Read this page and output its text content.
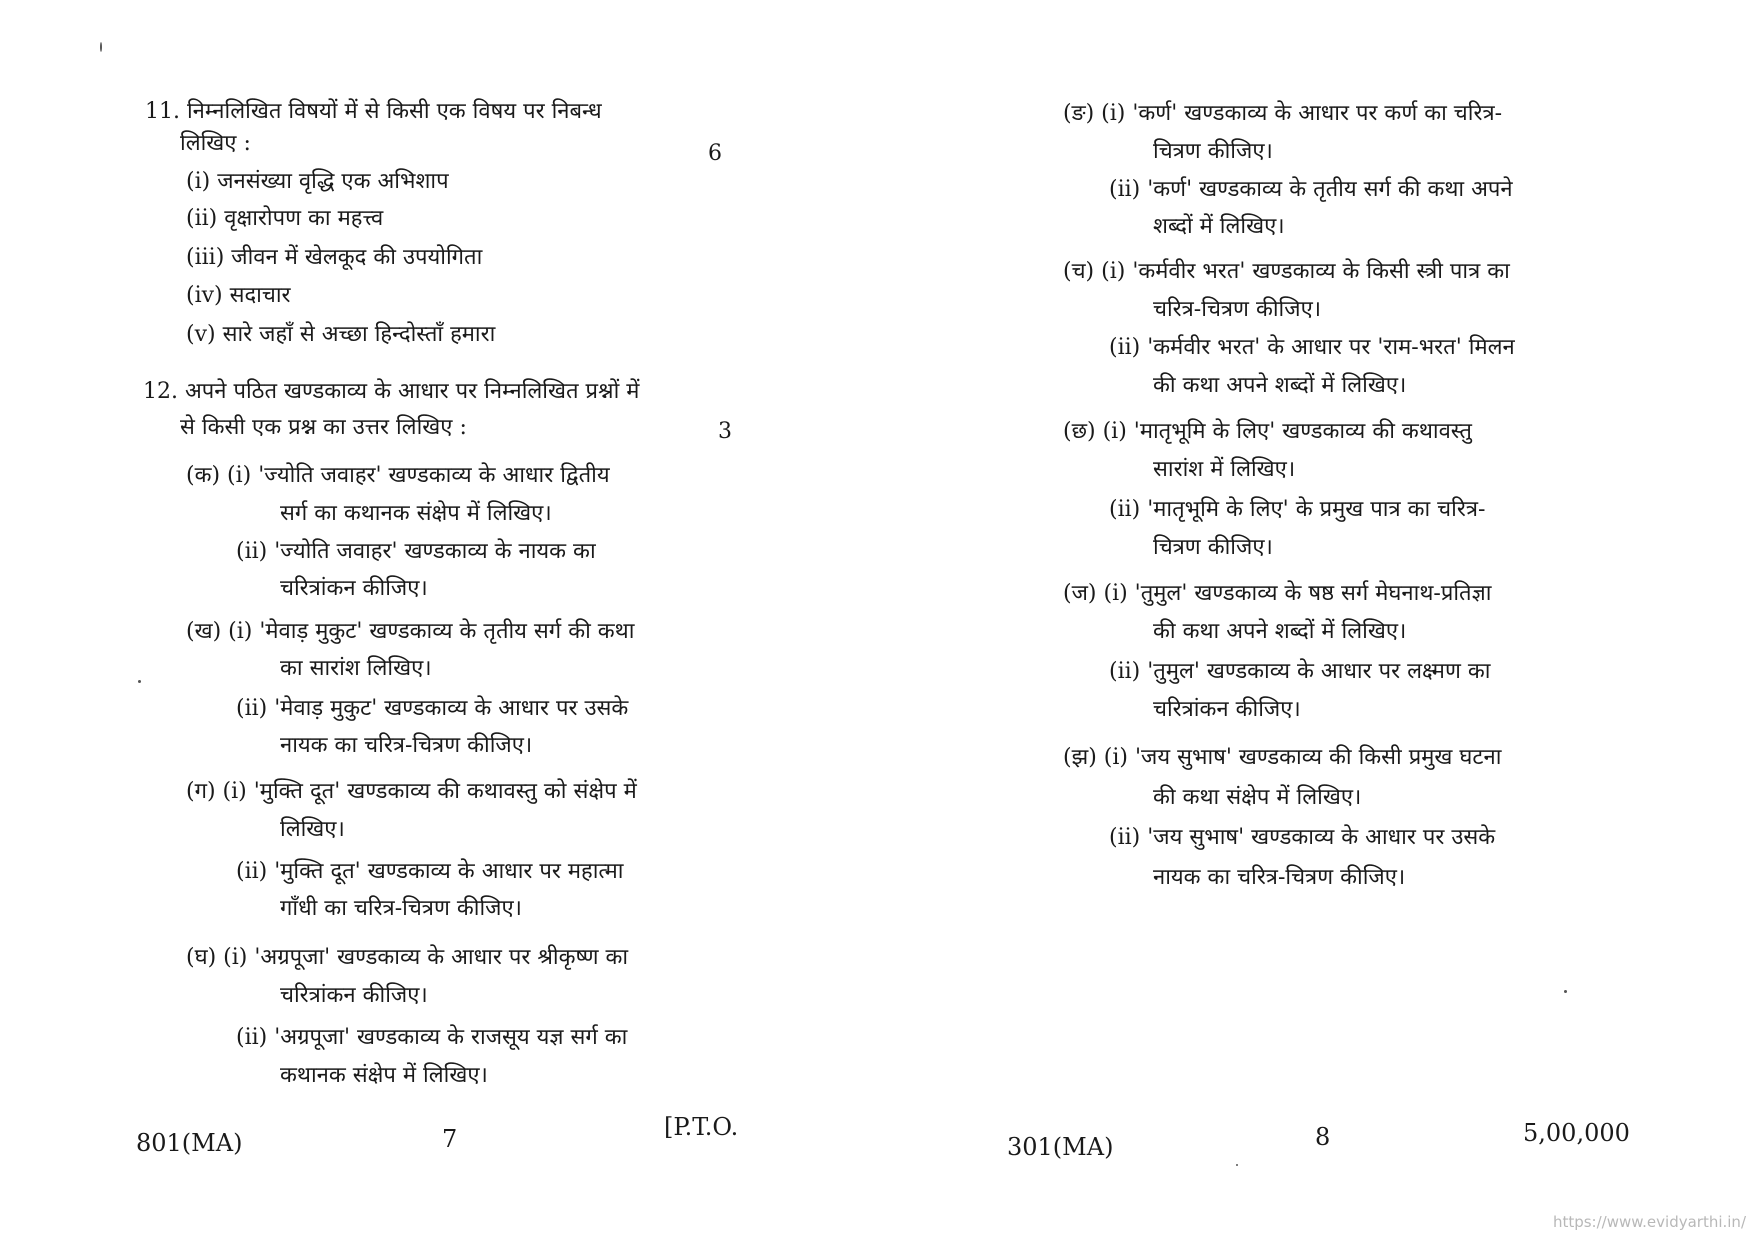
11. निम्नलिखित विषयों में से किसी एक विषय पर निबन्ध
लिखिए :	6
(i) जनसंख्या वृद्धि एक अभिशाप
(ii) वृक्षारोपण का महत्त्व
(iii) जीवन में खेलकूद की उपयोगिता
(iv) सदाचार
(v) सारे जहाँ से अच्छा हिन्दोस्ताँ हमारा
12. अपने पठित खण्डकाव्य के आधार पर निम्नलिखित प्रश्नों में
से किसी एक प्रश्न का उत्तर लिखिए :	3
(क) (i) 'ज्योति जवाहर' खण्डकाव्य के आधार द्वितीय
सर्ग का कथानक संक्षेप में लिखिए।
(ii) 'ज्योति जवाहर' खण्डकाव्य के नायक का
चरित्रांकन कीजिए।
(ख) (i) 'मेवाड़ मुकुट' खण्डकाव्य के तृतीय सर्ग की कथा
का सारांश लिखिए।
(ii) 'मेवाड़ मुकुट' खण्डकाव्य के आधार पर उसके
नायक का चरित्र-चित्रण कीजिए।
(ग) (i) 'मुक्ति दूत' खण्डकाव्य की कथावस्तु को संक्षेप में
लिखिए।
(ii) 'मुक्ति दूत' खण्डकाव्य के आधार पर महात्मा
गाँधी का चरित्र-चित्रण कीजिए।
(घ) (i) 'अग्रपूजा' खण्डकाव्य के आधार पर श्रीकृष्ण का
चरित्रांकन कीजिए।
(ii) 'अग्रपूजा' खण्डकाव्य के राजसूय यज्ञ सर्ग का
कथानक संक्षेप में लिखिए।
801(MA)	7	[P.T.O.
(ङ) (i) 'कर्ण' खण्डकाव्य के आधार पर कर्ण का चरित्र-
चित्रण कीजिए।
(ii) 'कर्ण' खण्डकाव्य के तृतीय सर्ग की कथा अपने
शब्दों में लिखिए।
(च) (i) 'कर्मवीर भरत' खण्डकाव्य के किसी स्त्री पात्र का
चरित्र-चित्रण कीजिए।
(ii) 'कर्मवीर भरत' के आधार पर 'राम-भरत' मिलन
की कथा अपने शब्दों में लिखिए।
(छ) (i) 'मातृभूमि के लिए' खण्डकाव्य की कथावस्तु
सारांश में लिखिए।
(ii) 'मातृभूमि के लिए' के प्रमुख पात्र का चरित्र-
चित्रण कीजिए।
(ज) (i) 'तुमुल' खण्डकाव्य के षष्ठ सर्ग मेघनाथ-प्रतिज्ञा
की कथा अपने शब्दों में लिखिए।
(ii) 'तुमुल' खण्डकाव्य के आधार पर लक्ष्मण का
चरित्रांकन कीजिए।
(झ) (i) 'जय सुभाष' खण्डकाव्य की किसी प्रमुख घटना
की कथा संक्षेप में लिखिए।
(ii) 'जय सुभाष' खण्डकाव्य के आधार पर उसके
नायक का चरित्र-चित्रण कीजिए।
301(MA)	8	5,00,000
https://www.evidyarthi.in/
